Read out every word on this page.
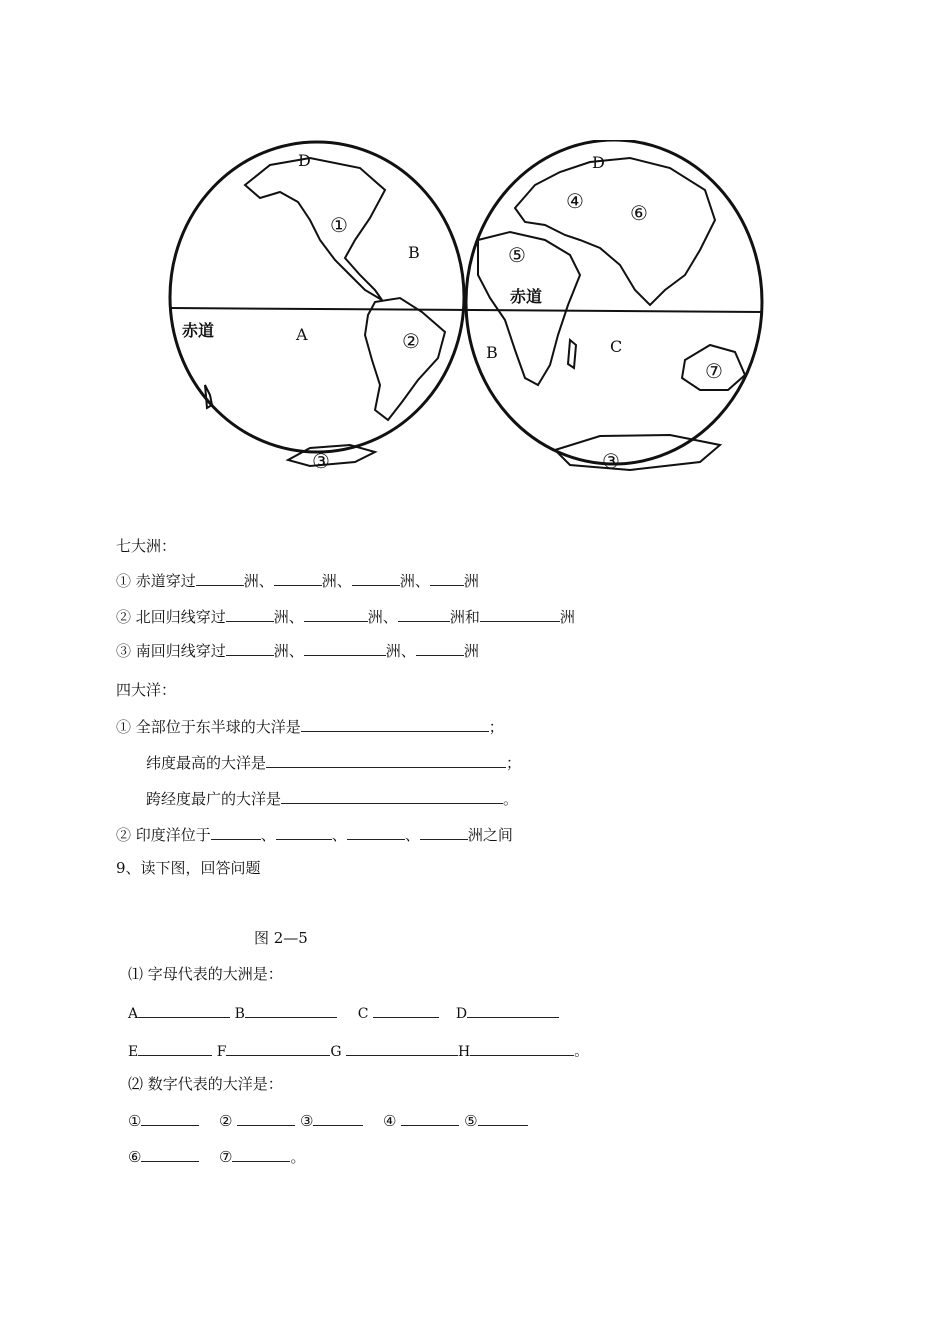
D	D
A
B
B	C
①
②
③	③
④
⑤
⑥
⑦
赤道
赤道
七大洲：
① 赤道穿过	洲、	洲、	洲、 洲
② 北回归线穿过	洲、	洲、	洲和	洲
③ 南回归线穿过	洲、	洲、	洲
四大洋：
① 全部位于东半球的大洋是	；
纬度最高的大洋是	；
跨经度最广的大洋是	。
② 印度洋位于	、	、	、	洲之间
9、读下图，回答问题
图 2—5
⑴ 字母代表的大洲是：
A	B	C	D
E	F	G	H	。
⑵ 数字代表的大洋是：
①	②	③	④	⑤
⑥	⑦	。
